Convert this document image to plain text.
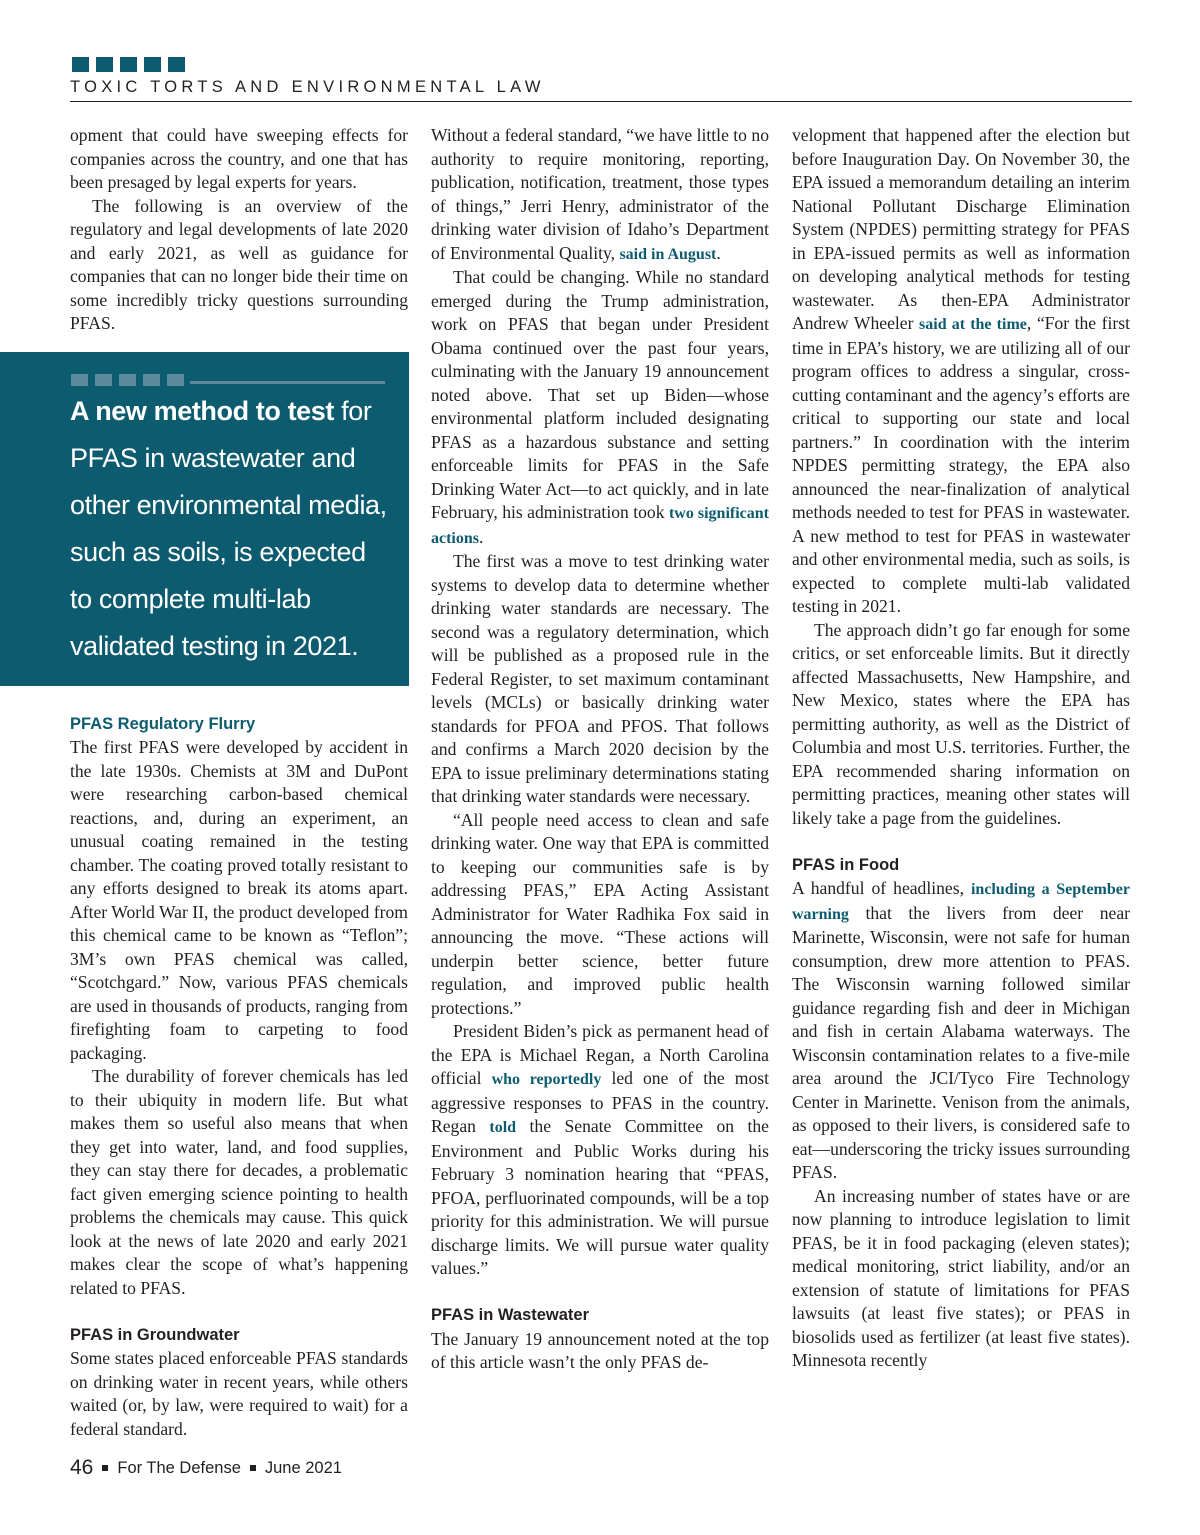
TOXIC TORTS AND ENVIRONMENTAL LAW

opment that could have sweeping effects for companies across the country, and one that has been presaged by legal experts for years.

The following is an overview of the regulatory and legal developments of late 2020 and early 2021, as well as guidance for companies that can no longer bide their time on some incredibly tricky questions surrounding PFAS.

PFAS Regulatory Flurry

The first PFAS were developed by accident in the late 1930s. Chemists at 3M and DuPont were researching carbon-based chemical reactions, and, during an experiment, an unusual coating remained in the testing chamber. The coating proved totally resistant to any efforts designed to break its atoms apart. After World War II, the product developed from this chemical came to be known as “Teflon”; 3M’s own PFAS chemical was called, “Scotchgard.” Now, various PFAS chemicals are used in thousands of products, ranging from firefighting foam to carpeting to food packaging.

The durability of forever chemicals has led to their ubiquity in modern life. But what makes them so useful also means that when they get into water, land, and food supplies, they can stay there for decades, a problematic fact given emerging science pointing to health problems the chemicals may cause. This quick look at the news of late 2020 and early 2021 makes clear the scope of what’s happening related to PFAS.

PFAS in Groundwater

Some states placed enforceable PFAS standards on drinking water in recent years, while others waited (or, by law, were required to wait) for a federal standard.

A new method to test for PFAS in wastewater and other environmental media, such as soils, is expected to complete multi-lab validated testing in 2021.

Without a federal standard, “we have little to no authority to require monitoring, reporting, publication, notification, treatment, those types of things,” Jerri Henry, administrator of the drinking water division of Idaho’s Department of Environmental Quality, said in August.

That could be changing. While no standard emerged during the Trump administration, work on PFAS that began under President Obama continued over the past four years, culminating with the January 19 announcement noted above. That set up Biden—whose environmental platform included designating PFAS as a hazardous substance and setting enforceable limits for PFAS in the Safe Drinking Water Act—to act quickly, and in late February, his administration took two significant actions.

The first was a move to test drinking water systems to develop data to determine whether drinking water standards are necessary. The second was a regulatory determination, which will be published as a proposed rule in the Federal Register, to set maximum contaminant levels (MCLs) or basically drinking water standards for PFOA and PFOS. That follows and confirms a March 2020 decision by the EPA to issue preliminary determinations stating that drinking water standards were necessary.

“All people need access to clean and safe drinking water. One way that EPA is committed to keeping our communities safe is by addressing PFAS,” EPA Acting Assistant Administrator for Water Radhika Fox said in announcing the move. “These actions will underpin better science, better future regulation, and improved public health protections.”

President Biden’s pick as permanent head of the EPA is Michael Regan, a North Carolina official who reportedly led one of the most aggressive responses to PFAS in the country. Regan told the Senate Committee on the Environment and Public Works during his February 3 nomination hearing that “PFAS, PFOA, perfluorinated compounds, will be a top priority for this administration. We will pursue discharge limits. We will pursue water quality values.”

PFAS in Wastewater

The January 19 announcement noted at the top of this article wasn’t the only PFAS de-

velopment that happened after the election but before Inauguration Day. On November 30, the EPA issued a memorandum detailing an interim National Pollutant Discharge Elimination System (NPDES) permitting strategy for PFAS in EPA-issued permits as well as information on developing analytical methods for testing wastewater. As then-EPA Administrator Andrew Wheeler said at the time, “For the first time in EPA’s history, we are utilizing all of our program offices to address a singular, cross-cutting contaminant and the agency’s efforts are critical to supporting our state and local partners.” In coordination with the interim NPDES permitting strategy, the EPA also announced the near-finalization of analytical methods needed to test for PFAS in wastewater. A new method to test for PFAS in wastewater and other environmental media, such as soils, is expected to complete multi-lab validated testing in 2021.

The approach didn’t go far enough for some critics, or set enforceable limits. But it directly affected Massachusetts, New Hampshire, and New Mexico, states where the EPA has permitting authority, as well as the District of Columbia and most U.S. territories. Further, the EPA recommended sharing information on permitting practices, meaning other states will likely take a page from the guidelines.

PFAS in Food

A handful of headlines, including a September warning that the livers from deer near Marinette, Wisconsin, were not safe for human consumption, drew more attention to PFAS. The Wisconsin warning followed similar guidance regarding fish and deer in Michigan and fish in certain Alabama waterways. The Wisconsin contamination relates to a five-mile area around the JCI/Tyco Fire Technology Center in Marinette. Venison from the animals, as opposed to their livers, is considered safe to eat—underscoring the tricky issues surrounding PFAS.

An increasing number of states have or are now planning to introduce legislation to limit PFAS, be it in food packaging (eleven states); medical monitoring, strict liability, and/or an extension of statute of limitations for PFAS lawsuits (at least five states); or PFAS in biosolids used as fertilizer (at least five states). Minnesota recently

46 For The Defense June 2021
